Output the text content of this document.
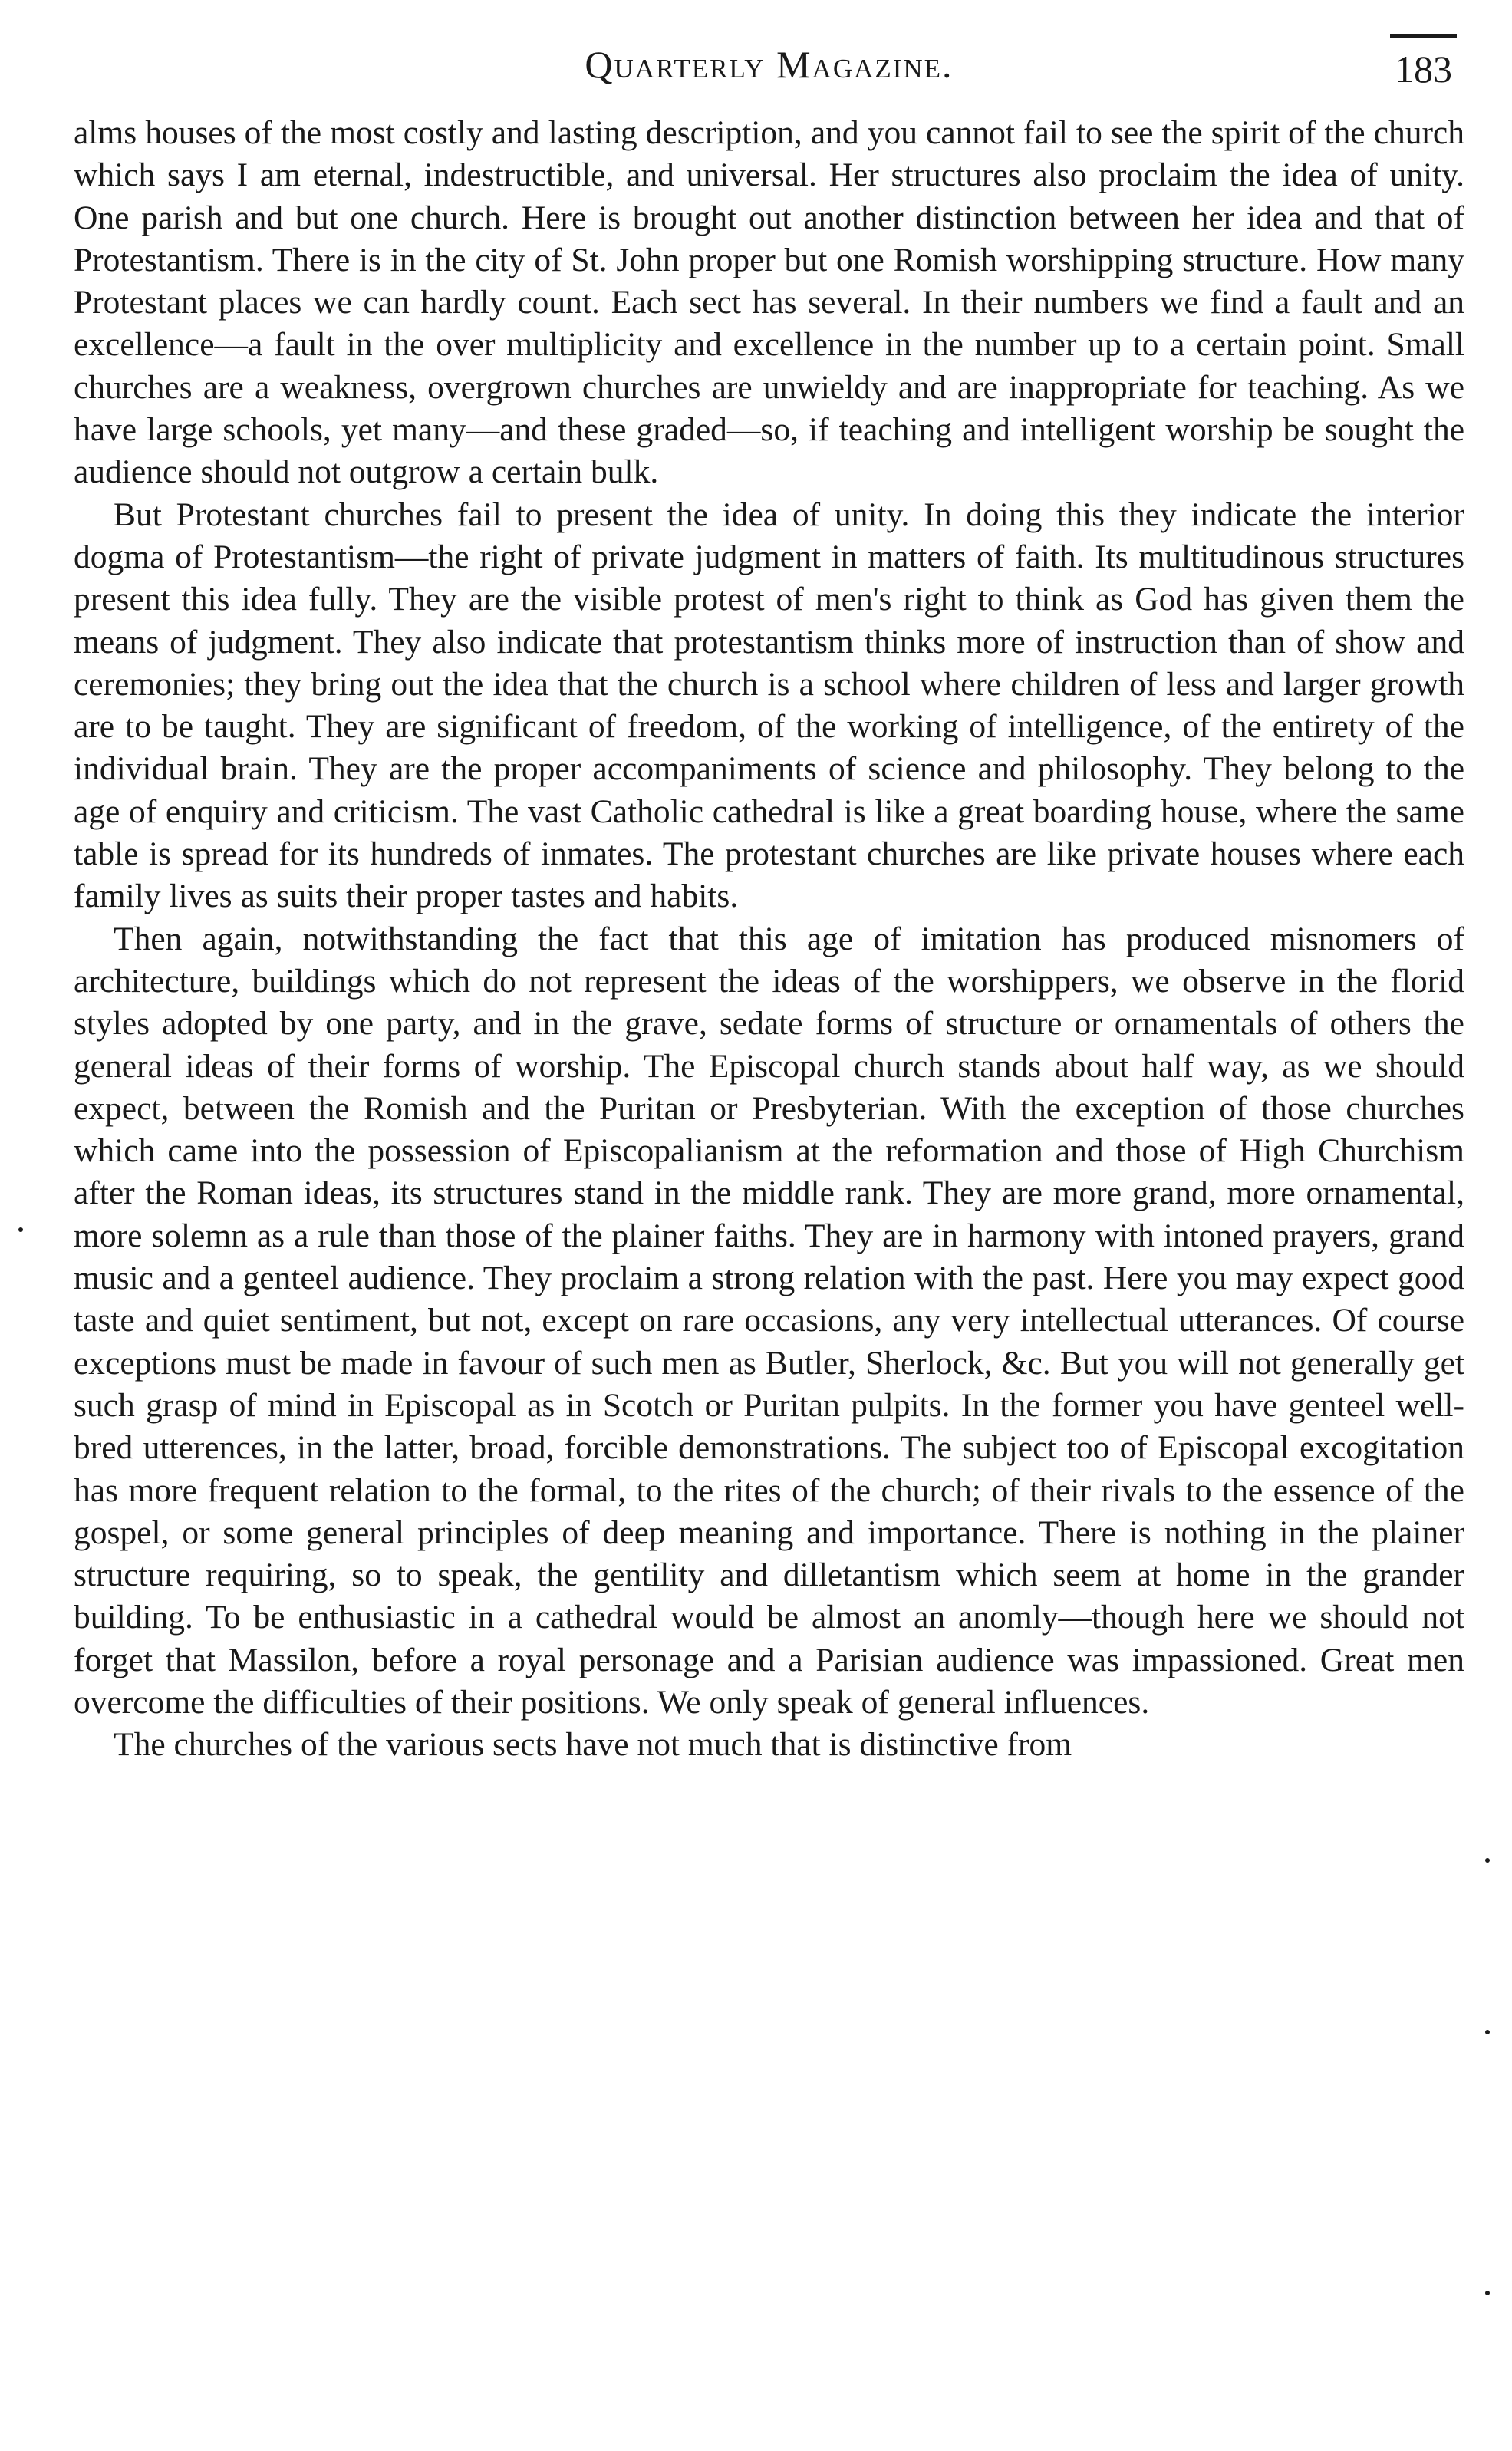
Quarterly Magazine.	183

alms houses of the most costly and lasting description, and you cannot fail to see the spirit of the church which says I am eternal, indestructible, and universal. Her structures also proclaim the idea of unity. One parish and but one church. Here is brought out another distinction between her idea and that of Protestantism. There is in the city of St. John proper but one Romish worshipping structure. How many Protestant places we can hardly count. Each sect has several. In their numbers we find a fault and an excellence—a fault in the over multiplicity and excellence in the number up to a certain point. Small churches are a weakness, overgrown churches are unwieldy and are inappropriate for teaching. As we have large schools, yet many—and these graded—so, if teaching and intelligent worship be sought the audience should not outgrow a certain bulk.

But Protestant churches fail to present the idea of unity. In doing this they indicate the interior dogma of Protestantism—the right of private judgment in matters of faith. Its multitudinous structures present this idea fully. They are the visible protest of men's right to think as God has given them the means of judgment. They also indicate that protestantism thinks more of instruction than of show and ceremonies; they bring out the idea that the church is a school where children of less and larger growth are to be taught. They are significant of freedom, of the working of intelligence, of the entirety of the individual brain. They are the proper accompaniments of science and philosophy. They belong to the age of enquiry and criticism. The vast Catholic cathedral is like a great boarding house, where the same table is spread for its hundreds of inmates. The protestant churches are like private houses where each family lives as suits their proper tastes and habits.

Then again, notwithstanding the fact that this age of imitation has produced misnomers of architecture, buildings which do not represent the ideas of the worshippers, we observe in the florid styles adopted by one party, and in the grave, sedate forms of structure or ornamentals of others the general ideas of their forms of worship. The Episcopal church stands about half way, as we should expect, between the Romish and the Puritan or Presbyterian. With the exception of those churches which came into the possession of Episcopalianism at the reformation and those of High Churchism after the Roman ideas, its structures stand in the middle rank. They are more grand, more ornamental, more solemn as a rule than those of the plainer faiths. They are in harmony with intoned prayers, grand music and a genteel audience. They proclaim a strong relation with the past. Here you may expect good taste and quiet sentiment, but not, except on rare occasions, any very intellectual utterances. Of course exceptions must be made in favour of such men as Butler, Sherlock, &c. But you will not generally get such grasp of mind in Episcopal as in Scotch or Puritan pulpits. In the former you have genteel well-bred utterences, in the latter, broad, forcible demonstrations. The subject too of Episcopal excogitation has more frequent relation to the formal, to the rites of the church; of their rivals to the essence of the gospel, or some general principles of deep meaning and importance. There is nothing in the plainer structure requiring, so to speak, the gentility and dilletantism which seem at home in the grander building. To be enthusiastic in a cathedral would be almost an anomly—though here we should not forget that Massilon, before a royal personage and a Parisian audience was impassioned. Great men overcome the difficulties of their positions. We only speak of general influences.

The churches of the various sects have not much that is distinctive from
